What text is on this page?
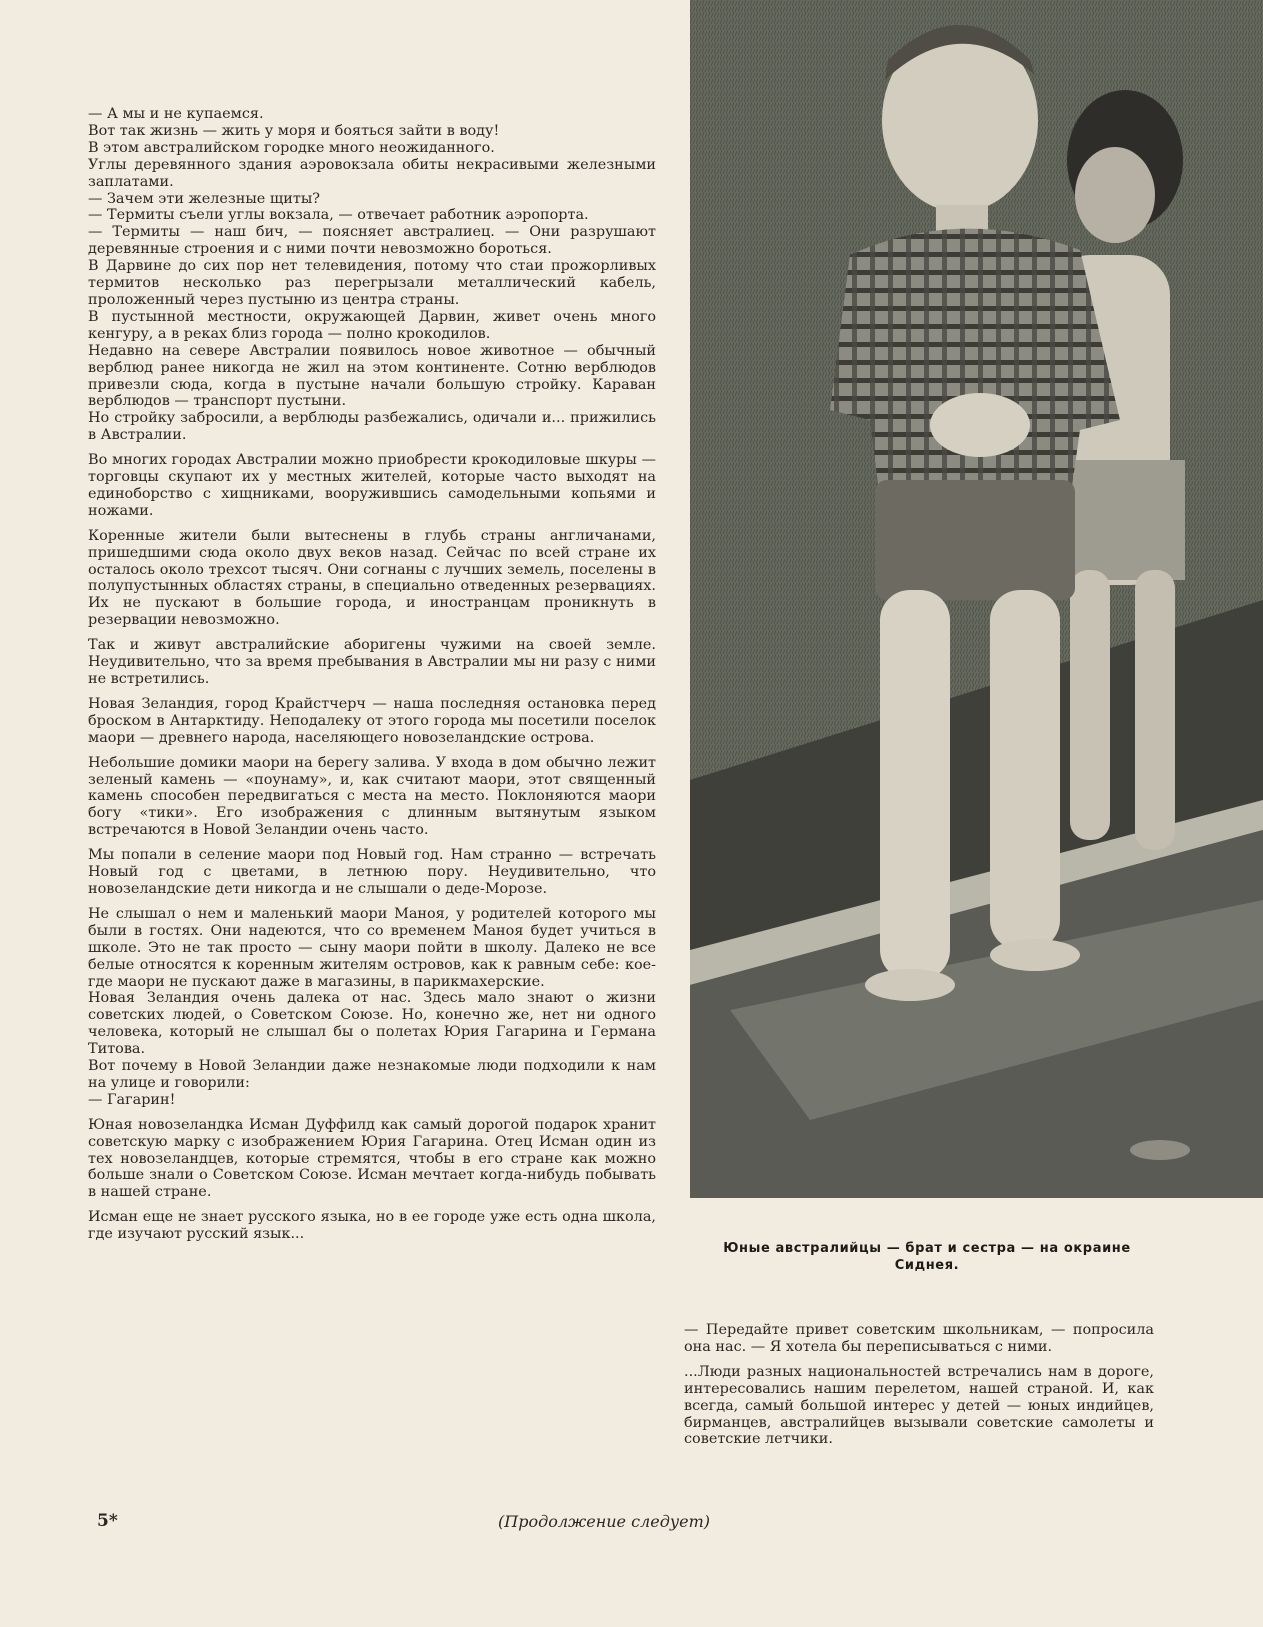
— А мы и не купаемся.

Вот так жизнь — жить у моря и бояться зайти в воду!

В этом австралийском городке много неожиданного.

Углы деревянного здания аэровокзала обиты некрасивыми железными заплатами.

— Зачем эти железные щиты?

— Термиты съели углы вокзала, — отвечает работник аэропорта.

— Термиты — наш бич, — поясняет австралиец. — Они разрушают деревянные строения и с ними почти невозможно бороться.

В Дарвине до сих пор нет телевидения, потому что стаи прожорливых термитов несколько раз перегрызали металлический кабель, проложенный через пустыню из центра страны.

В пустынной местности, окружающей Дарвин, живет очень много кенгуру, а в реках близ города — полно крокодилов.

Недавно на севере Австралии появилось новое животное — обычный верблюд ранее никогда не жил на этом континенте. Сотню верблюдов привезли сюда, когда в пустыне начали большую стройку. Караван верблюдов — транспорт пустыни.

Но стройку забросили, а верблюды разбежались, одичали и... прижились в Австралии.

Во многих городах Австралии можно приобрести крокодиловые шкуры — торговцы скупают их у местных жителей, которые часто выходят на единоборство с хищниками, вооружившись самодельными копьями и ножами.

Коренные жители были вытеснены в глубь страны англичанами, пришедшими сюда около двух веков назад. Сейчас по всей стране их осталось около трехсот тысяч. Они согнаны с лучших земель, поселены в полупустынных областях страны, в специально отведенных резервациях. Их не пускают в большие города, и иностранцам проникнуть в резервации невозможно.

Так и живут австралийские аборигены чужими на своей земле. Неудивительно, что за время пребывания в Австралии мы ни разу с ними не встретились.

Новая Зеландия, город Крайстчерч — наша последняя остановка перед броском в Антарктиду. Неподалеку от этого города мы посетили поселок маори — древнего народа, населяющего новозеландские острова.

Небольшие домики маори на берегу залива. У входа в дом обычно лежит зеленый камень — «поунаму», и, как считают маори, этот священный камень способен передвигаться с места на место. Поклоняются маори богу «тики». Его изображения с длинным вытянутым языком встречаются в Новой Зеландии очень часто.

Мы попали в селение маори под Новый год. Нам странно — встречать Новый год с цветами, в летнюю пору. Неудивительно, что новозеландские дети никогда и не слышали о деде-Морозе.

Не слышал о нем и маленький маори Маноя, у родителей которого мы были в гостях. Они надеются, что со временем Маноя будет учиться в школе. Это не так просто — сыну маори пойти в школу. Далеко не все белые относятся к коренным жителям островов, как к равным себе: кое-где маори не пускают даже в магазины, в парикмахерские.

Новая Зеландия очень далека от нас. Здесь мало знают о жизни советских людей, о Советском Союзе. Но, конечно же, нет ни одного человека, который не слышал бы о полетах Юрия Гагарина и Германа Титова.

Вот почему в Новой Зеландии даже незнакомые люди подходили к нам на улице и говорили:

— Гагарин!

Юная новозеландка Исман Дуффилд как самый дорогой подарок хранит советскую марку с изображением Юрия Гагарина. Отец Исман один из тех новозеландцев, которые стремятся, чтобы в его стране как можно больше знали о Советском Союзе. Исман мечтает когда-нибудь побывать в нашей стране.

Исман еще не знает русского языка, но в ее городе уже есть одна школа, где изучают русский язык...

Юные австралийцы — брат и сестра — на окраине Сиднея.

— Передайте привет советским школьникам, — попросила она нас. — Я хотела бы переписываться с ними.

...Люди разных национальностей встречались нам в дороге, интересовались нашим перелетом, нашей страной. И, как всегда, самый большой интерес у детей — юных индийцев, бирманцев, австралийцев вызывали советские самолеты и советские летчики.

5*	(Продолжение следует)
